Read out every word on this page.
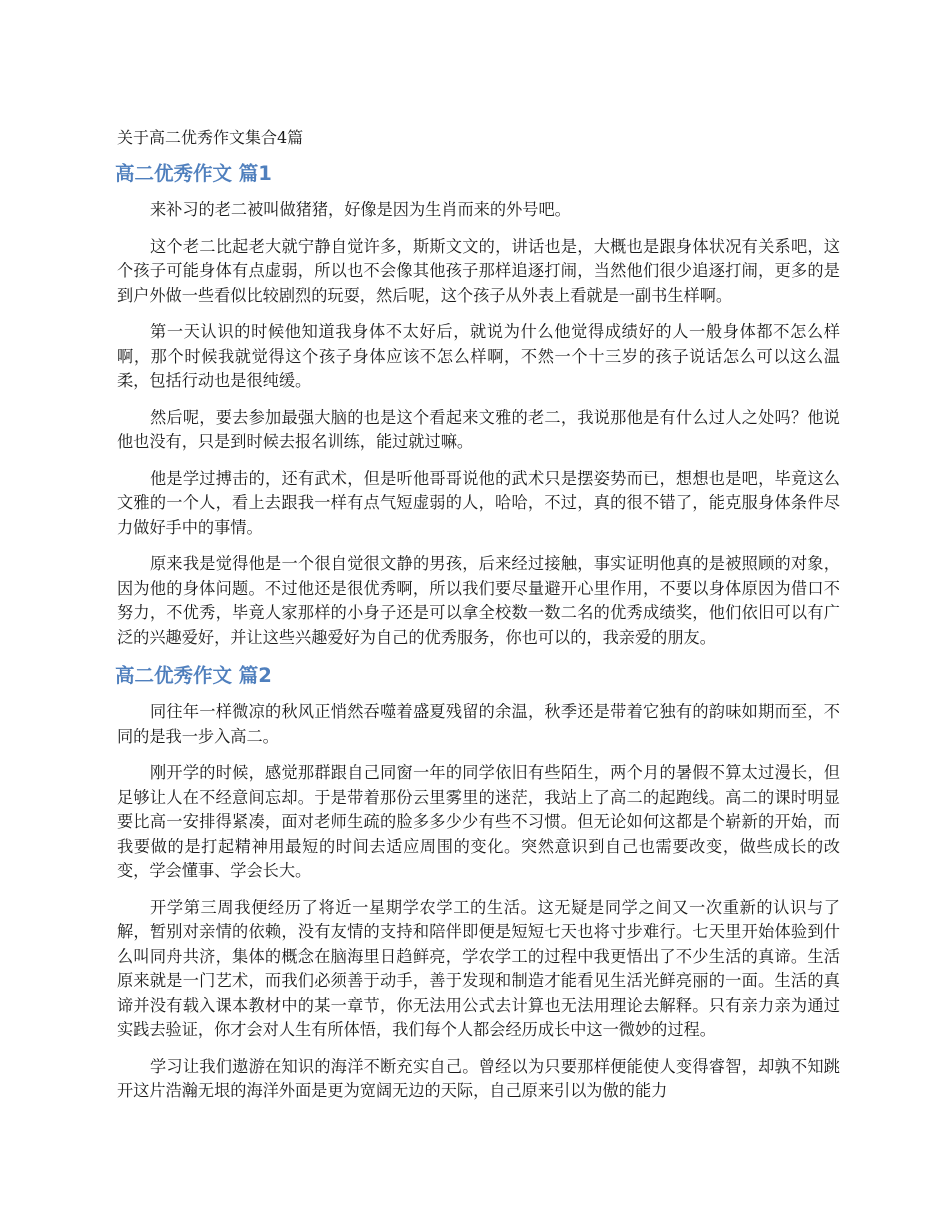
关于高二优秀作文集合4篇
高二优秀作文 篇1

来补习的老二被叫做猪猪，好像是因为生肖而来的外号吧。

这个老二比起老大就宁静自觉许多，斯斯文文的，讲话也是，大概也是跟身体状况有关系吧，这个孩子可能身体有点虚弱，所以也不会像其他孩子那样追逐打闹，当然他们很少追逐打闹，更多的是到户外做一些看似比较剧烈的玩耍，然后呢，这个孩子从外表上看就是一副书生样啊。

第一天认识的时候他知道我身体不太好后，就说为什么他觉得成绩好的人一般身体都不怎么样啊，那个时候我就觉得这个孩子身体应该不怎么样啊，不然一个十三岁的孩子说话怎么可以这么温柔，包括行动也是很纯缓。

然后呢，要去参加最强大脑的也是这个看起来文雅的老二，我说那他是有什么过人之处吗？他说他也没有，只是到时候去报名训练，能过就过嘛。

他是学过搏击的，还有武术，但是听他哥哥说他的武术只是摆姿势而已，想想也是吧，毕竟这么文雅的一个人，看上去跟我一样有点气短虚弱的人，哈哈，不过，真的很不错了，能克服身体条件尽力做好手中的事情。

原来我是觉得他是一个很自觉很文静的男孩，后来经过接触，事实证明他真的是被照顾的对象，因为他的身体问题。不过他还是很优秀啊，所以我们要尽量避开心里作用，不要以身体原因为借口不努力，不优秀，毕竟人家那样的小身子还是可以拿全校数一数二名的优秀成绩奖，他们依旧可以有广泛的兴趣爱好，并让这些兴趣爱好为自己的优秀服务，你也可以的，我亲爱的朋友。

高二优秀作文 篇2

同往年一样微凉的秋风正悄然吞噬着盛夏残留的余温，秋季还是带着它独有的韵味如期而至，不同的是我一步入高二。

刚开学的时候，感觉那群跟自己同窗一年的同学依旧有些陌生，两个月的暑假不算太过漫长，但足够让人在不经意间忘却。于是带着那份云里雾里的迷茫，我站上了高二的起跑线。高二的课时明显要比高一安排得紧凑，面对老师生疏的脸多多少少有些不习惯。但无论如何这都是个崭新的开始，而我要做的是打起精神用最短的时间去适应周围的变化。突然意识到自己也需要改变，做些成长的改变，学会懂事、学会长大。

开学第三周我便经历了将近一星期学农学工的生活。这无疑是同学之间又一次重新的认识与了解，暂别对亲情的依赖，没有友情的支持和陪伴即便是短短七天也将寸步难行。七天里开始体验到什么叫同舟共济，集体的概念在脑海里日趋鲜亮，学农学工的过程中我更悟出了不少生活的真谛。生活原来就是一门艺术，而我们必须善于动手，善于发现和制造才能看见生活光鲜亮丽的一面。生活的真谛并没有载入课本教材中的某一章节，你无法用公式去计算也无法用理论去解释。只有亲力亲为通过实践去验证，你才会对人生有所体悟，我们每个人都会经历成长中这一微妙的过程。

学习让我们遨游在知识的海洋不断充实自己。曾经以为只要那样便能使人变得睿智，却孰不知跳开这片浩瀚无垠的海洋外面是更为宽阔无边的天际，自己原来引以为傲的能力
